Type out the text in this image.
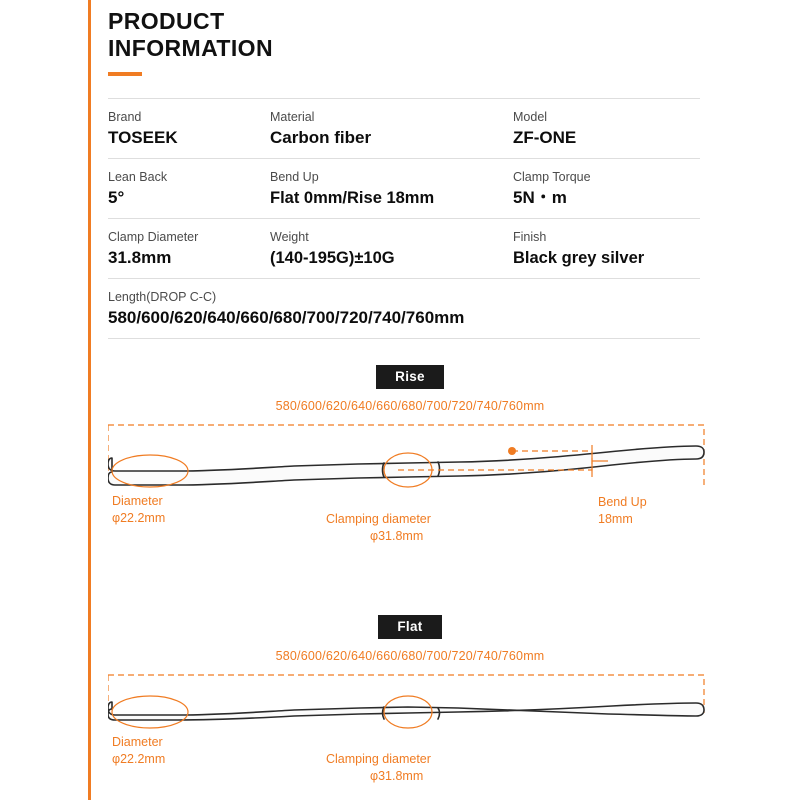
PRODUCT
INFORMATION
Brand
TOSEEK
Material
Carbon fiber
Model
ZF-ONE
Lean Back
5°
Bend Up
Flat 0mm/Rise 18mm
Clamp Torque
5N・m
Clamp Diameter
31.8mm
Weight
(140-195G)±10G
Finish
Black grey silver
Length(DROP C-C)
580/600/620/640/660/680/700/720/740/760mm
Rise
580/600/620/640/660/680/700/720/740/760mm
Diameter
φ22.2mm	Clamping diameter
φ31.8mm
Bend Up
18mm
Flat
580/600/620/640/660/680/700/720/740/760mm
Diameter
φ22.2mm	Clamping diameter
φ31.8mm
